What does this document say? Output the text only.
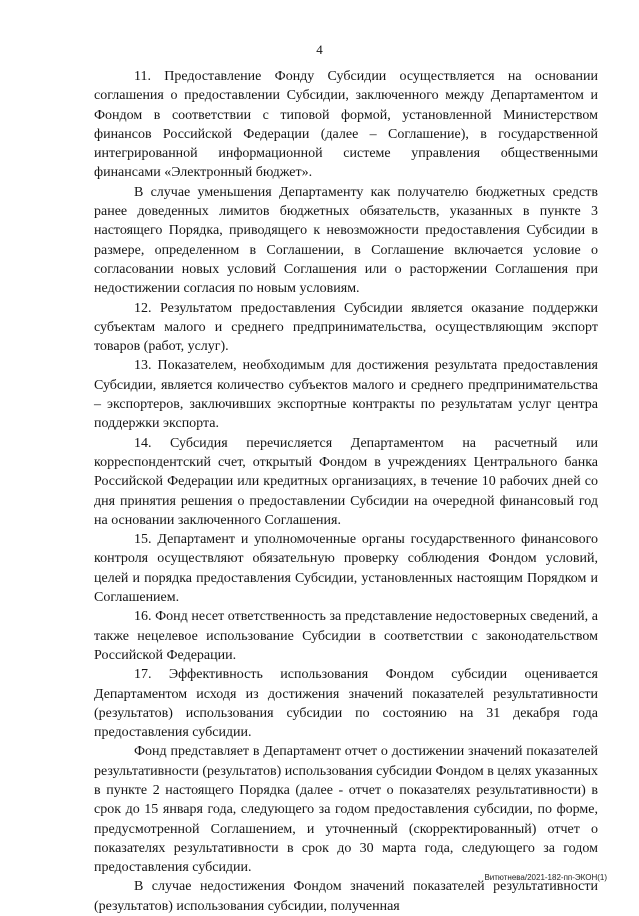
4

11. Предоставление Фонду Субсидии осуществляется на основании соглашения о предоставлении Субсидии, заключенного между Департаментом и Фондом в соответствии с типовой формой, установленной Министерством финансов Российской Федерации (далее – Соглашение), в государственной интегрированной информационной системе управления общественными финансами «Электронный бюджет».

В случае уменьшения Департаменту как получателю бюджетных средств ранее доведенных лимитов бюджетных обязательств, указанных в пункте 3 настоящего Порядка, приводящего к невозможности предоставления Субсидии в размере, определенном в Соглашении, в Соглашение включается условие о согласовании новых условий Соглашения или о расторжении Соглашения при недостижении согласия по новым условиям.

12. Результатом предоставления Субсидии является оказание поддержки субъектам малого и среднего предпринимательства, осуществляющим экспорт товаров (работ, услуг).

13. Показателем, необходимым для достижения результата предоставления Субсидии, является количество субъектов малого и среднего предпринимательства – экспортеров, заключивших экспортные контракты по результатам услуг центра поддержки экспорта.

14. Субсидия перечисляется Департаментом на расчетный или корреспондентский счет, открытый Фондом в учреждениях Центрального банка Российской Федерации или кредитных организациях, в течение 10 рабочих дней со дня принятия решения о предоставлении Субсидии на очередной финансовый год на основании заключенного Соглашения.

15. Департамент и уполномоченные органы государственного финансового контроля осуществляют обязательную проверку соблюдения Фондом условий, целей и порядка предоставления Субсидии, установленных настоящим Порядком и Соглашением.

16. Фонд несет ответственность за представление недостоверных сведений, а также нецелевое использование Субсидии в соответствии с законодательством Российской Федерации.

17. Эффективность использования Фондом субсидии оценивается Департаментом исходя из достижения значений показателей результативности (результатов) использования субсидии по состоянию на 31 декабря года предоставления субсидии.

Фонд представляет в Департамент отчет о достижении значений показателей результативности (результатов) использования субсидии Фондом в целях указанных в пункте 2 настоящего Порядка (далее - отчет о показателях результативности) в срок до 15 января года, следующего за годом предоставления субсидии, по форме, предусмотренной Соглашением, и уточненный (скорректированный) отчет о показателях результативности в срок до 30 марта года, следующего за годом предоставления субсидии.

В случае недостижения Фондом значений показателей результативности (результатов) использования субсидии, полученная

Витютнева/2021-182-пп-ЭКОН(1)
